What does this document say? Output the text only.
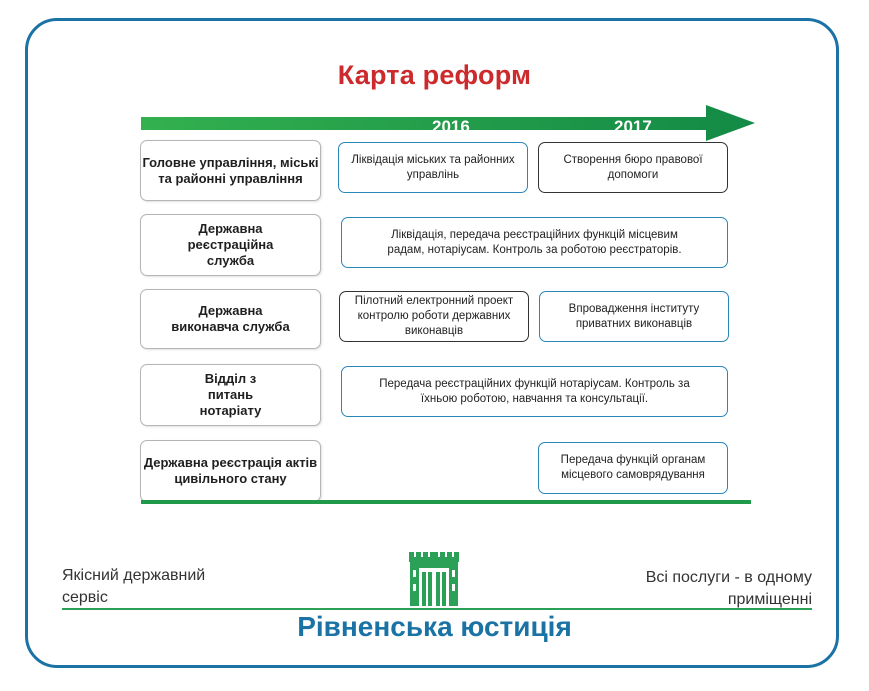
Карта реформ
2016	2017
Головне управління, міські та районні управління
Державна реєстраційна служба
Державна виконавча служба
Відділ з питань нотаріату
Державна реєстрація актів цивільного стану
Ліквідація міських та районних управлінь
Створення бюро правової допомоги
Ліквідація, передача реєстраційних функцій місцевим радам, нотаріусам. Контроль за роботою реєстраторів.
Пілотний електронний проект контролю роботи державних виконавців
Впровадження інституту приватних виконавців
Передача реєстраційних функцій нотаріусам. Контроль за їхньою роботою, навчання та консультації.
Передача функцій органам місцевого самоврядування
Якісний державний сервіс
Всі послуги - в одному приміщенні
Рівненська юстиція
